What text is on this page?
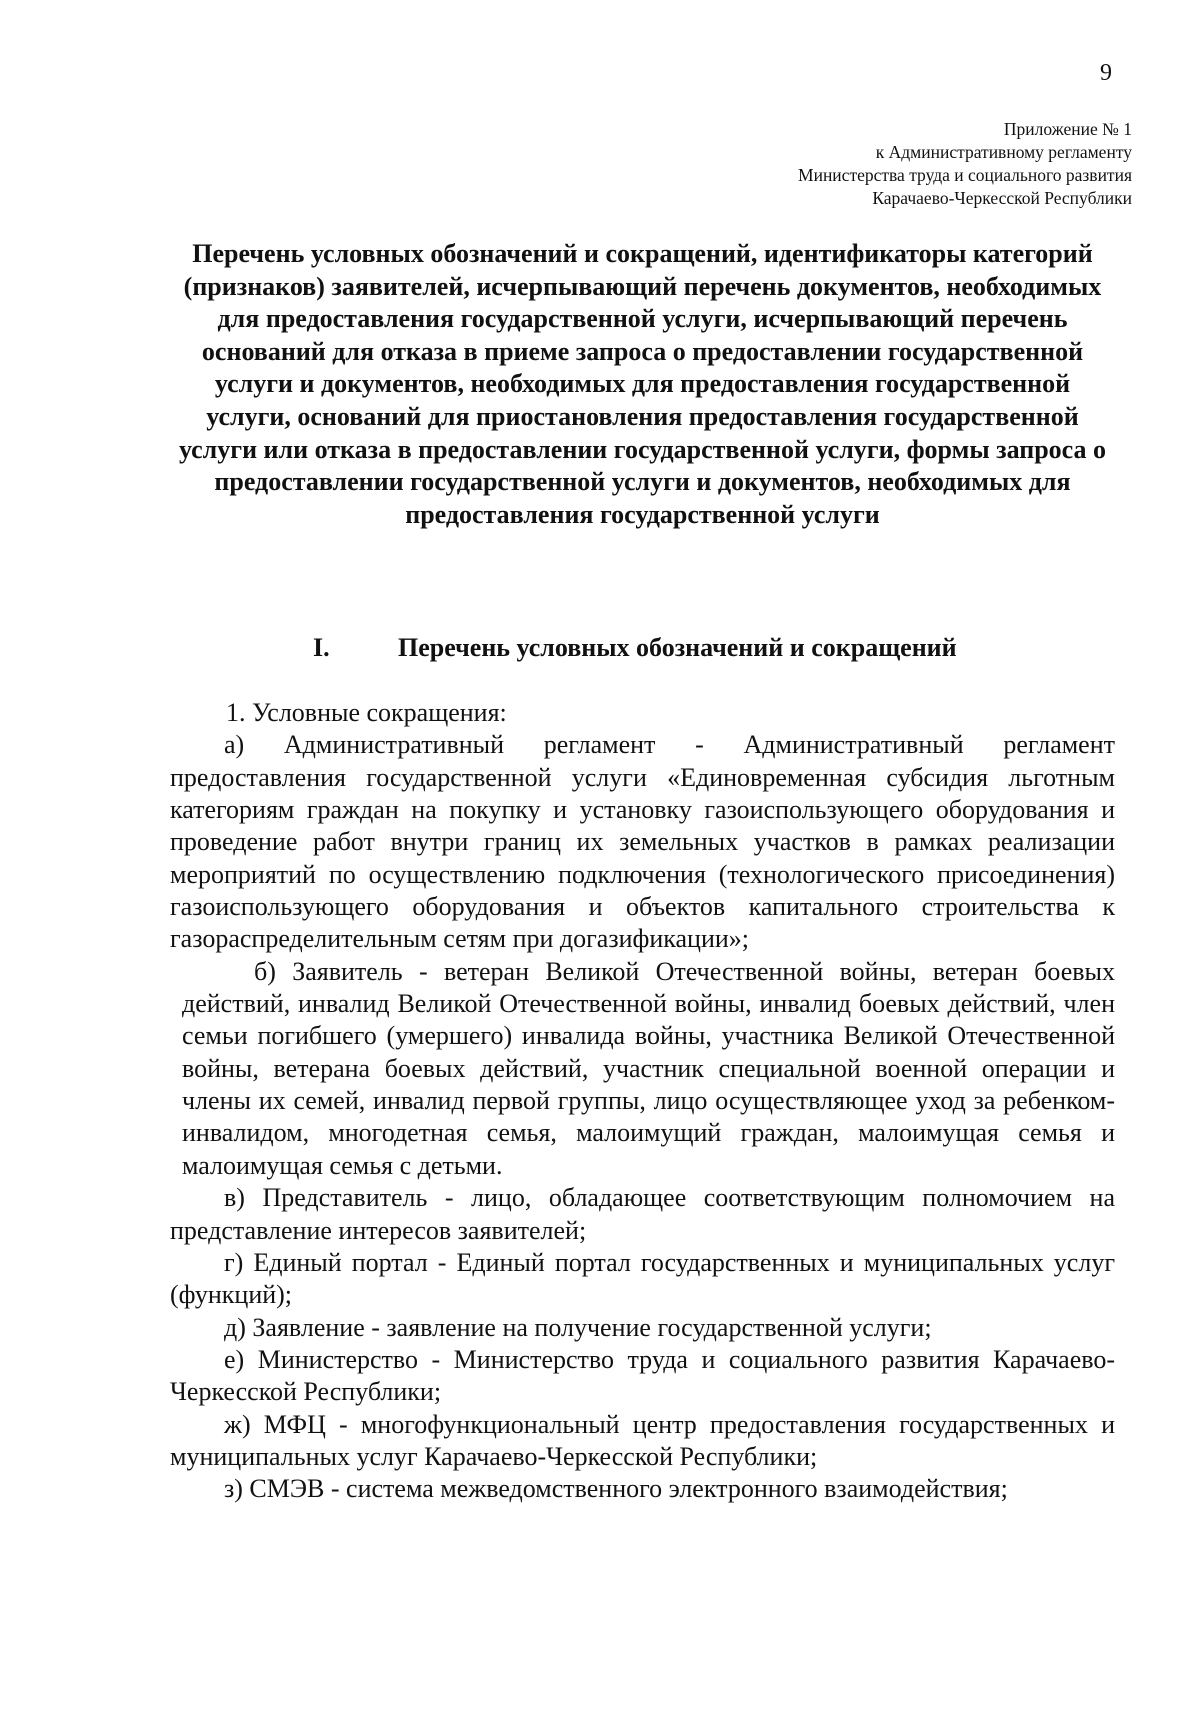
9
Приложение № 1
к Административному регламенту
Министерства труда и социального развития
Карачаево-Черкесской Республики
Перечень условных обозначений и сокращений, идентификаторы категорий (признаков) заявителей, исчерпывающий перечень документов, необходимых для предоставления государственной услуги, исчерпывающий перечень оснований для отказа в приеме запроса о предоставлении государственной услуги и документов, необходимых для предоставления государственной услуги, оснований для приостановления предоставления государственной услуги или отказа в предоставлении государственной услуги, формы запроса о предоставлении государственной услуги и документов, необходимых для предоставления государственной услуги
I.	Перечень условных обозначений и сокращений

1. Условные сокращения:

а) Административный регламент - Административный регламент предоставления государственной услуги «Единовременная субсидия льготным категориям граждан на покупку и установку газоиспользующего оборудования и проведение работ внутри границ их земельных участков в рамках реализации мероприятий по осуществлению подключения (технологического присоединения) газоиспользующего оборудования и объектов капитального строительства к газораспределительным сетям при догазификации»;

б) Заявитель - ветеран Великой Отечественной войны, ветеран боевых действий, инвалид Великой Отечественной войны, инвалид боевых действий, член семьи погибшего (умершего) инвалида войны, участника Великой Отечественной войны, ветерана боевых действий, участник специальной военной операции и члены их семей, инвалид первой группы, лицо осуществляющее уход за ребенком-инвалидом, многодетная семья, малоимущий граждан, малоимущая семья и малоимущая семья с детьми.

в) Представитель - лицо, обладающее соответствующим полномочием на представление интересов заявителей;

г) Единый портал - Единый портал государственных и муниципальных услуг (функций);

д) Заявление - заявление на получение государственной услуги;

е) Министерство - Министерство труда и социального развития Карачаево-Черкесской Республики;

ж) МФЦ - многофункциональный центр предоставления государственных и муниципальных услуг Карачаево-Черкесской Республики;

з) СМЭВ - система межведомственного электронного взаимодействия;
